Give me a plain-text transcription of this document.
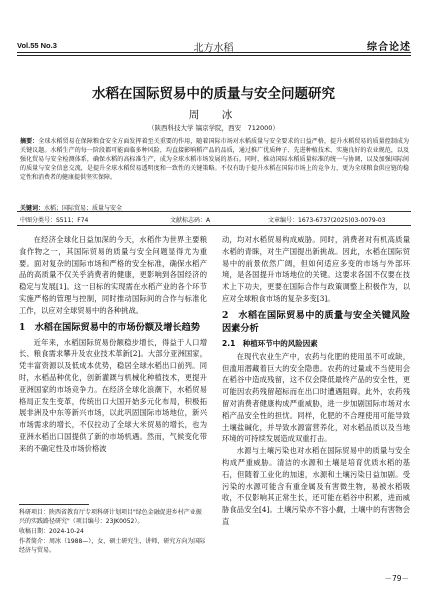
Vol.55 No.3	北方水稻	综合论述
水稻在国际贸易中的质量与安全问题研究
周　冰
（陕西科技大学 镐京学院，西安　712000）
摘要：全球水稻贸易在保障粮食安全方面发挥着至关重要的作用，随着国际市场对水稻质量与安全要求的日益严格，提升水稻贸易的质量控制成为关键议题。水稻生产的每一阶段都可能面临多种风险，均直接影响稻产品的品质，通过推广优质种子、先进种植技术、实施良好的农业规范，以及强化贸易与安全检测体系，确保水稻的高标准生产，成为全球水稻市场发展的基石。同时，推动国际水稻质量标准的统一与协调，以及加强国际间的质量与安全信息交流，是提升全球水稻贸易透明度和一致性的关键策略。不仅有助于提升水稻在国际市场上的竞争力，更为全球粮食供应链的稳定性和消费者的健康提供坚实保障。
关键词：水稻；国际贸易；质量与安全
中图分类号：S511；F74	文献标志码：A	文章编号：1673-6737(2025)03-0079-03

在经济全球化日益加深的今天，水稻作为世界主要粮食作物之一，其国际贸易的质量与安全问题显得尤为重要。面对复杂的国际市场和严格的安全标准，确保水稻产品的高质量不仅关乎消费者的健康，更影响到各国经济的稳定与发展[1]。这一目标的实现需在水稻产业的各个环节实施严格的管理与控制，同时推动国际间的合作与标准化工作，以应对全球贸易中的各种挑战。

1　水稻在国际贸易中的市场份额及增长趋势

近年来，水稻国际贸易份额稳步增长，得益于人口增长、粮食需求攀升及农业技术革新[2]。大部分亚洲国家，凭丰富资源以及低成本优势，稳居全球水稻出口前列。同时，水稻品种优化，创新灌溉与机械化种植技术，更提升亚洲国家的市场竞争力。在经济全球化浪潮下，水稻贸易格局正发生变革，传统出口大国开始多元化布局，积极拓展非洲及中东等新兴市场，以此巩固国际市场地位，新兴市场需求的增长，不仅拉动了全球大米贸易的增长，也为亚洲水稻出口国提供了新的市场机遇。然而，气候变化带来的不确定性及市场价格波

动，均对水稻贸易构成威胁。同时，消费者对有机高质量水稻的青睐，对生产国提出新挑战。因此，水稻在国际贸易中的前景依然广阔，但如何适应多变的市场与外部环境，是各国提升市场地位的关键。这要求各国不仅要在技术上下功夫，更要在国际合作与政策调整上积极作为，以应对全球粮食市场的复杂多变[3]。

2　水稻在国际贸易中的质量与安全关键风险因素分析

2.1　种植环节中的风险因素

在现代农业生产中，农药与化肥的使用虽不可或缺，但滥用潜藏着巨大的安全隐患。农药的过量或不当使用会在稻谷中造成残留，这不仅会降低最终产品的安全性，更可能因农药残留超标而在出口时遭遇阻碍。此外，农药残留对消费者健康构成严重威胁，进一步加剧国际市场对水稻产品安全性的担忧。同样，化肥的不合理使用可能导致土壤盐碱化，并导致水源富营养化，对水稻品质以及当地环境的可持续发展造成双重打击。

水源与土壤污染也对水稻在国际贸易中的质量与安全构成严重威胁。清洁的水源和土壤是培育优质水稻的基石，但随着工业化的加速，水源和土壤污染日益加剧。受污染的水源可能含有重金属及有害微生物，易被水稻吸收，不仅影响其正常生长，还可能在稻谷中积累，进而威胁食品安全[4]。土壤污染亦不容小觑，土壤中的有害物会直

科研项目：陕西省教育厅专项科研计划项目"绿色金融促进乡村产业振兴的实践路径研究"（项目编号：23JK0052）。
收稿日期：2024-10-24
作者简介：周冰（1988—），女，硕士研究生，讲师，研究方向为国际经济与贸易。
－79－
